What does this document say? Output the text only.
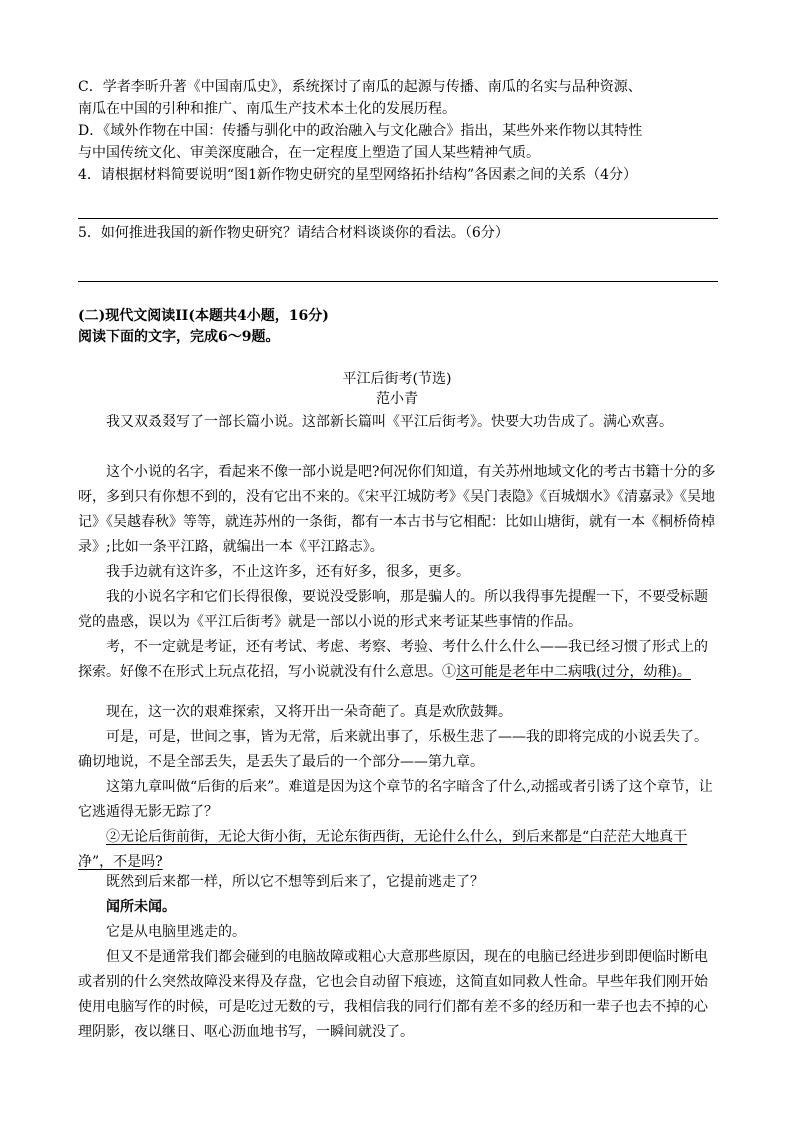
C．学者李昕升著《中国南瓜史》，系统探讨了南瓜的起源与传播、南瓜的名实与品种资源、
南瓜在中国的引种和推广、南瓜生产技术本土化的发展历程。
D．《域外作物在中国：传播与驯化中的政治融入与文化融合》指出，某些外来作物以其特性
与中国传统文化、审美深度融合，在一定程度上塑造了国人某些精神气质。
4．请根据材料简要说明“图1新作物史研究的星型网络拓扑结构”各因素之间的关系（4分）
5．如何推进我国的新作物史研究？请结合材料谈谈你的看法。（6分）
(二)现代文阅读II(本题共4小题，16分)
阅读下面的文字，完成6～9题。
平江后街考(节选)
范小青

我又双叒叕写了一部长篇小说。这部新长篇叫《平江后街考》。快要大功告成了。满心欢喜。

这个小说的名字，看起来不像一部小说是吧?何况你们知道，有关苏州地域文化的考古书籍十分的多呀，多到只有你想不到的，没有它出不来的。《宋平江城防考》《吴门表隐》《百城烟水》《清嘉录》《吴地记》《吴越春秋》等等，就连苏州的一条街，都有一本古书与它相配：比如山塘街，就有一本《桐桥倚棹录》;比如一条平江路，就编出一本《平江路志》。

我手边就有这许多，不止这许多，还有好多，很多，更多。

我的小说名字和它们长得很像，要说没受影响，那是骗人的。所以我得事先提醒一下，不要受标题党的蛊惑，误以为《平江后街考》就是一部以小说的形式来考证某些事情的作品。

考，不一定就是考证，还有考试、考虑、考察、考验、考什么什么什么——我已经习惯了形式上的探索。好像不在形式上玩点花招，写小说就没有什么意思。①这可能是老年中二病哦(过分，幼稚)。

现在，这一次的艰难探索，又将开出一朵奇葩了。真是欢欣鼓舞。

可是，可是，世间之事，皆为无常，后来就出事了，乐极生悲了——我的即将完成的小说丢失了。确切地说，不是全部丢失，是丢失了最后的一个部分——第九章。

这第九章叫做“后街的后来”。难道是因为这个章节的名字暗含了什么,动摇或者引诱了这个章节，让它逃遁得无影无踪了？

②无论后街前街，无论大街小街，无论东街西街，无论什么什么，到后来都是“白茫茫大地真干净”，不是吗?

既然到后来都一样，所以它不想等到后来了，它提前逃走了？

闻所未闻。

它是从电脑里逃走的。

但又不是通常我们都会碰到的电脑故障或粗心大意那些原因，现在的电脑已经进步到即便临时断电或者别的什么突然故障没来得及存盘，它也会自动留下痕迹，这简直如同救人性命。早些年我们刚开始使用电脑写作的时候，可是吃过无数的亏，我相信我的同行们都有差不多的经历和一辈子也去不掉的心理阴影，夜以继日、呕心沥血地书写，一瞬间就没了。
